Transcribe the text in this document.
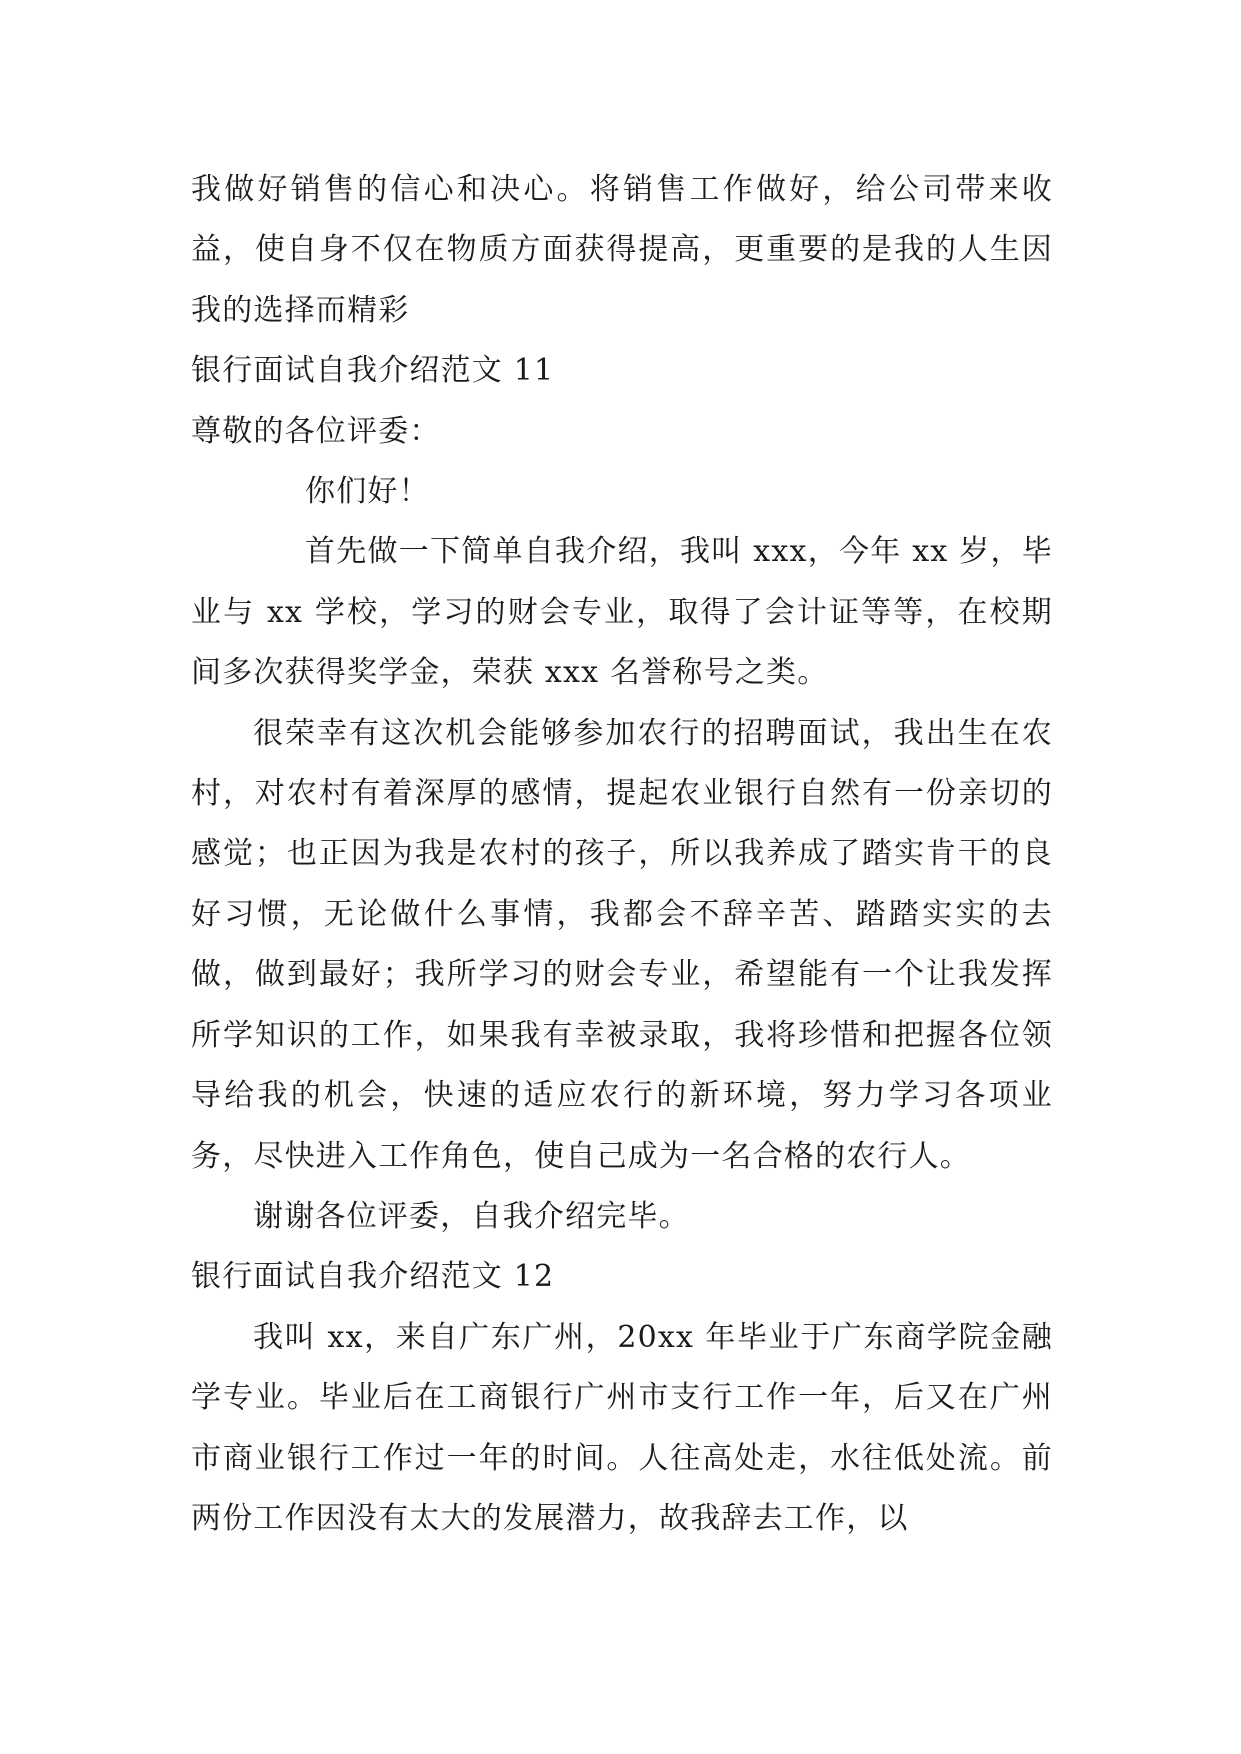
我做好销售的信心和决心。将销售工作做好，给公司带来收益，使自身不仅在物质方面获得提高，更重要的是我的人生因我的选择而精彩

银行面试自我介绍范文 11

尊敬的各位评委：

你们好！

首先做一下简单自我介绍，我叫 xxx，今年 xx 岁，毕业与 xx 学校，学习的财会专业，取得了会计证等等，在校期间多次获得奖学金，荣获 xxx 名誉称号之类。

很荣幸有这次机会能够参加农行的招聘面试，我出生在农村，对农村有着深厚的感情，提起农业银行自然有一份亲切的感觉；也正因为我是农村的孩子，所以我养成了踏实肯干的良好习惯，无论做什么事情，我都会不辞辛苦、踏踏实实的去做，做到最好；我所学习的财会专业，希望能有一个让我发挥所学知识的工作，如果我有幸被录取，我将珍惜和把握各位领导给我的机会，快速的适应农行的新环境，努力学习各项业务，尽快进入工作角色，使自己成为一名合格的农行人。

谢谢各位评委，自我介绍完毕。

银行面试自我介绍范文 12

我叫 xx，来自广东广州，20xx 年毕业于广东商学院金融学专业。毕业后在工商银行广州市支行工作一年，后又在广州市商业银行工作过一年的时间。人往高处走，水往低处流。前两份工作因没有太大的发展潜力，故我辞去工作，以
